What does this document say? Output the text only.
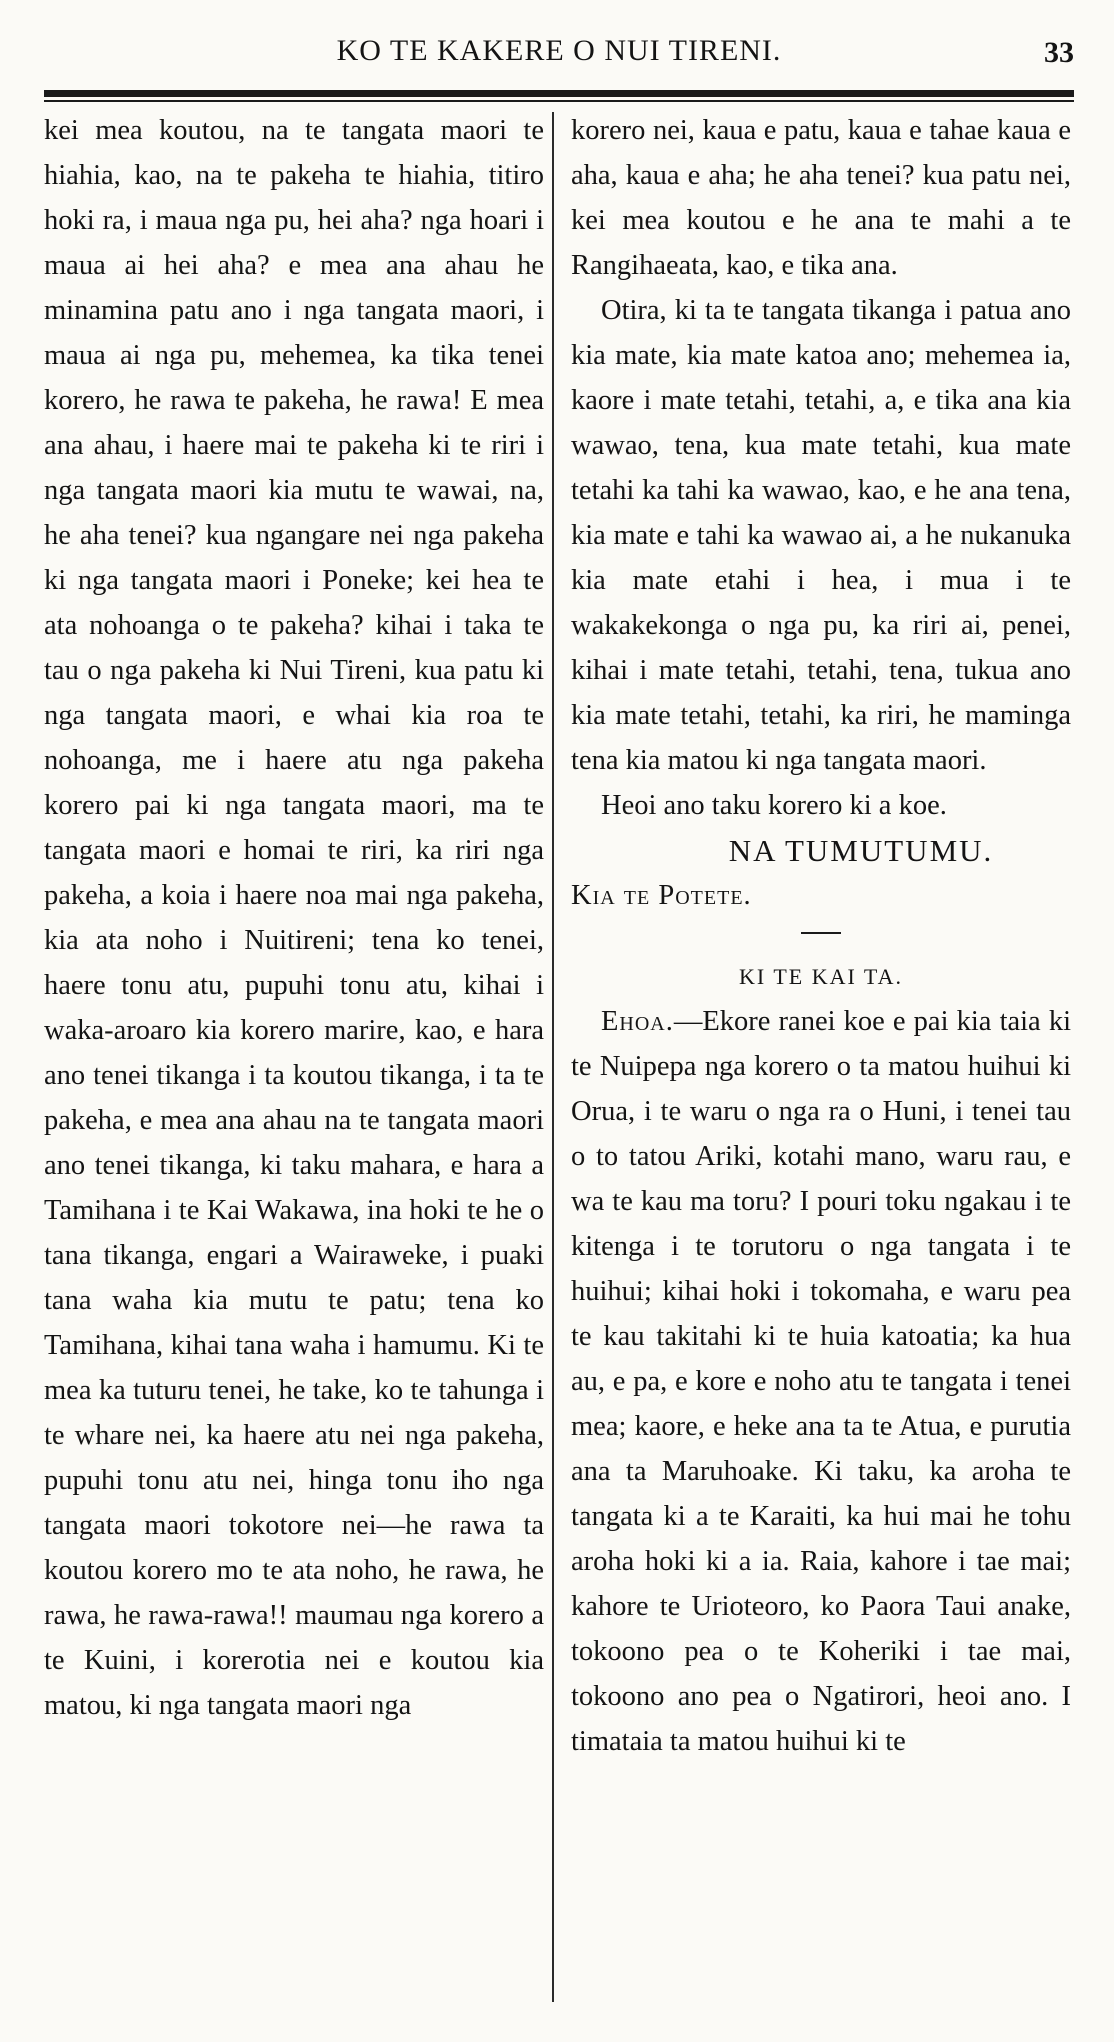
KO TE KAKERE O NUI TIRENI.	33

kei mea koutou, na te tangata maori te hiahia, kao, na te pakeha te hiahia, titiro hoki ra, i maua nga pu, hei aha? nga hoari i maua ai hei aha? e mea ana ahau he minamina patu ano i nga tangata maori, i maua ai nga pu, mehemea, ka tika tenei korero, he rawa te pakeha, he rawa! E mea ana ahau, i haere mai te pakeha ki te riri i nga tangata maori kia mutu te wawai, na, he aha tenei? kua ngangare nei nga pakeha ki nga tangata maori i Poneke; kei hea te ata nohoanga o te pakeha? kihai i taka te tau o nga pakeha ki Nui Tireni, kua patu ki nga tangata maori, e whai kia roa te nohoanga, me i haere atu nga pakeha korero pai ki nga tangata maori, ma te tangata maori e homai te riri, ka riri nga pakeha, a koia i haere noa mai nga pakeha, kia ata noho i Nuitireni; tena ko tenei, haere tonu atu, pupuhi tonu atu, kihai i waka-aroaro kia korero marire, kao, e hara ano tenei tikanga i ta koutou tikanga, i ta te pakeha, e mea ana ahau na te tangata maori ano tenei tikanga, ki taku mahara, e hara a Tamihana i te Kai Wakawa, ina hoki te he o tana tikanga, engari a Wairaweke, i puaki tana waha kia mutu te patu; tena ko Tamihana, kihai tana waha i hamumu. Ki te mea ka tuturu tenei, he take, ko te tahunga i te whare nei, ka haere atu nei nga pakeha, pupuhi tonu atu nei, hinga tonu iho nga tangata maori tokotore nei—he rawa ta koutou korero mo te ata noho, he rawa, he rawa, he rawa-rawa!! maumau nga korero a te Kuini, i korerotia nei e koutou kia matou, ki nga tangata maori nga

korero nei, kaua e patu, kaua e tahae kaua e aha, kaua e aha; he aha tenei? kua patu nei, kei mea koutou e he ana te mahi a te Rangihaeata, kao, e tika ana.

Otira, ki ta te tangata tikanga i patua ano kia mate, kia mate katoa ano; mehemea ia, kaore i mate tetahi, tetahi, a, e tika ana kia wawao, tena, kua mate tetahi, kua mate tetahi ka tahi ka wawao, kao, e he ana tena, kia mate e tahi ka wawao ai, a he nukanuka kia mate etahi i hea, i mua i te wakakekonga o nga pu, ka riri ai, penei, kihai i mate tetahi, tetahi, tena, tukua ano kia mate tetahi, tetahi, ka riri, he maminga tena kia matou ki nga tangata maori.

Heoi ano taku korero ki a koe.

NA TUMUTUMU.

Kia te Potete.

KI TE KAI TA.

Ehoa.—Ekore ranei koe e pai kia taia ki te Nuipepa nga korero o ta matou huihui ki Orua, i te waru o nga ra o Huni, i tenei tau o to tatou Ariki, kotahi mano, waru rau, e wa te kau ma toru? I pouri toku ngakau i te kitenga i te torutoru o nga tangata i te huihui; kihai hoki i tokomaha, e waru pea te kau takitahi ki te huia katoatia; ka hua au, e pa, e kore e noho atu te tangata i tenei mea; kaore, e heke ana ta te Atua, e purutia ana ta Maruhoake. Ki taku, ka aroha te tangata ki a te Karaiti, ka hui mai he tohu aroha hoki ki a ia. Raia, kahore i tae mai; kahore te Urioteoro, ko Paora Taui anake, tokoono pea o te Koheriki i tae mai, tokoono ano pea o Ngatirori, heoi ano. I timataia ta matou huihui ki te
